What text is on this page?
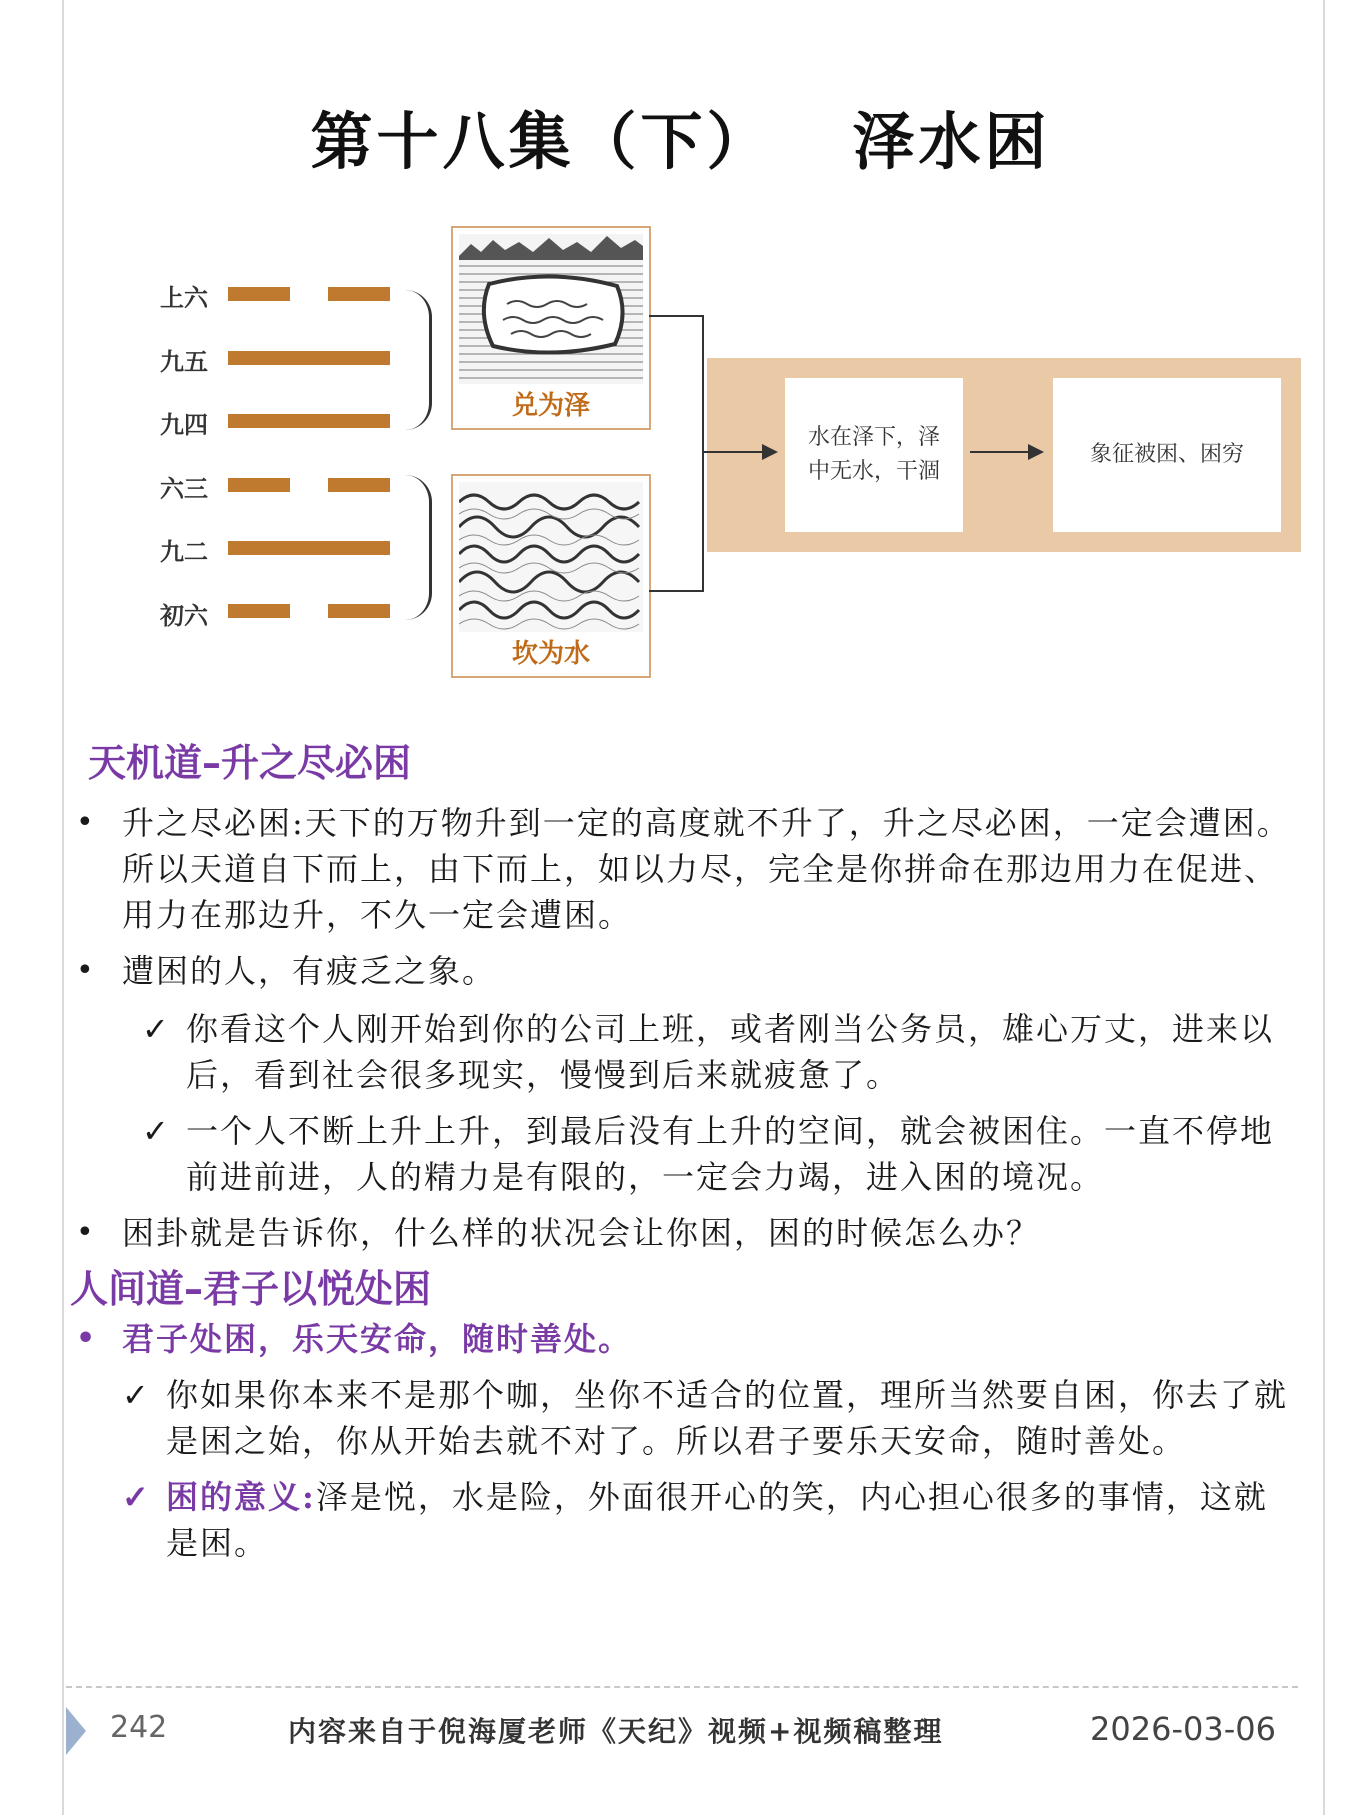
第十八集（下） 泽水困
上六
九五
九四
六三
九二
初六
兑为泽
坎为水
水在泽下，泽
中无水，干涸
象征被困、困穷
天机道–升之尽必困
• 升之尽必困:天下的万物升到一定的高度就不升了，升之尽必困，一定会遭困。所以天道自下而上，由下而上，如以力尽，完全是你拼命在那边用力在促进、用力在那边升，不久一定会遭困。
• 遭困的人，有疲乏之象。
✓ 你看这个人刚开始到你的公司上班，或者刚当公务员，雄心万丈，进来以后，看到社会很多现实，慢慢到后来就疲惫了。
✓ 一个人不断上升上升，到最后没有上升的空间，就会被困住。一直不停地前进前进，人的精力是有限的，一定会力竭，进入困的境况。
• 困卦就是告诉你，什么样的状况会让你困，困的时候怎么办？
人间道–君子以悦处困
• 君子处困，乐天安命，随时善处。
✓ 你如果你本来不是那个咖，坐你不适合的位置，理所当然要自困，你去了就是困之始，你从开始去就不对了。所以君子要乐天安命，随时善处。
✓ 困的意义:泽是悦，水是险，外面很开心的笑，内心担心很多的事情，这就是困。
242	内容来自于倪海厦老师《天纪》视频+视频稿整理	2026-03-06
